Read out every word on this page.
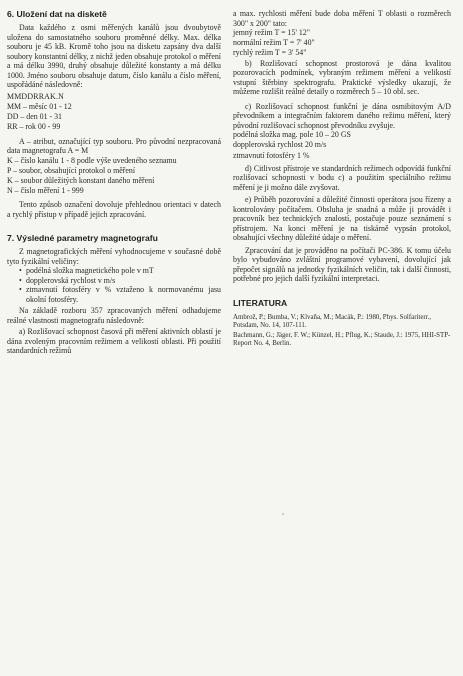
6. Uložení dat na disketě

Data každého z osmi měřených kanálů jsou dvoubytově uložena do samostatného souboru proměnné délky. Max. délka souboru je 45 kB. Kromě toho jsou na disketu zapsány dva další soubory konstantní délky, z nichž jeden obsahuje protokol o měření a má délku 3990, druhý obsahuje důležité konstanty a má délku 1000. Jméno souboru obsahuje datum, číslo kanálu a číslo měření, uspořádáné následovně:

MMDDRRAK.N
MM – měsíc 01 - 12
DD – den 01 - 31
RR – rok 00 - 99

A – atribut, označující typ souboru. Pro původní nezpracovaná data magnetografu A = M

K – číslo kanálu 1 - 8 podle výše uvedeného seznamu
P – soubor, obsahující protokol o měření
K – soubor důležitých konstant daného měření
N – číslo měření 1 - 999

Tento způsob označení dovoluje přehlednou orientaci v datech a rychlý přístup v případě jejich zpracování.

7. Výsledné parametry magnetografu

Z magnetografických měření vyhodnocujeme v současné době tyto fyzikální veličiny:

• podélná složka magnetického pole v mT
• dopplerovská rychlost v m/s
• ztmavnutí fotosféry v % vztaženo k normovanému jasu okolní fotosféry.

Na základě rozboru 357 zpracovaných měření odhadujeme reálné vlastnosti magnetografu následovně:

a) Rozlišovací schopnost časová při měření aktivních oblastí je dána zvoleným pracovním režimem a velikostí oblasti. Při použití standardních režimů

a max. rychlosti měření bude doba měření T oblasti o rozměrech 300" x 200" tato:

jemný režim T = 15' 12"
normální režim T = 7' 40"
rychlý režim T = 3' 54"

b) Rozlišovací schopnost prostorová je dána kvalitou pozorovacích podmínek, vybraným režimem měření a velikostí vstupní štěrbiny spektrografu. Praktické výsledky ukazují, že můžeme rozlišit reálné detaily o rozměrech 5 – 10 obl. sec.

c) Rozlišovací schopnost funkční je dána osmibitovým A/D převodníkem a integračním faktorem daného režimu měření, který původní rozlišovací schopnost převodníku zvyšuje.

podélná složka mag. pole 10 – 20 GS
dopplerovská rychlost 20 m/s
ztmavnutí fotosféry 1 %

d) Citlivost přístroje ve standardních režimech odpovídá funkční rozlišovací schopnosti v bodu c) a použitím speciálního režimu měření je ji možno dále zvyšovat.

e) Průběh pozorování a důležité činnosti operátora jsou řízeny a kontrolovány počítačem. Obsluha je snadná a může ji provádět i pracovník bez technických znalostí, postačuje pouze seznámení s přístrojem. Na konci měření je na tiskárně vypsán protokol, obsahující všechny důležité údaje o měření.

Zpracování dat je prováděno na počítači PC-386. K tomu účelu bylo vybudováno zvláštní programové vybavení, dovolující jak přepočet signálů na jednotky fyzikálních veličin, tak i další činnosti, potřebné pro jejich další fyzikální interpretaci.

LITERATURA
Ambrož, P.; Bumba, V.; Klvaňa, M.; Macák, P.: 1980, Phys. Solfariterr., Potsdam, No. 14, 107-111.
Bachmann, G.; Jäger, F. W.; Künzel, H.; Pflug, K.; Staude, J.: 1975, HHI-STP-Report No. 4, Berlin.
